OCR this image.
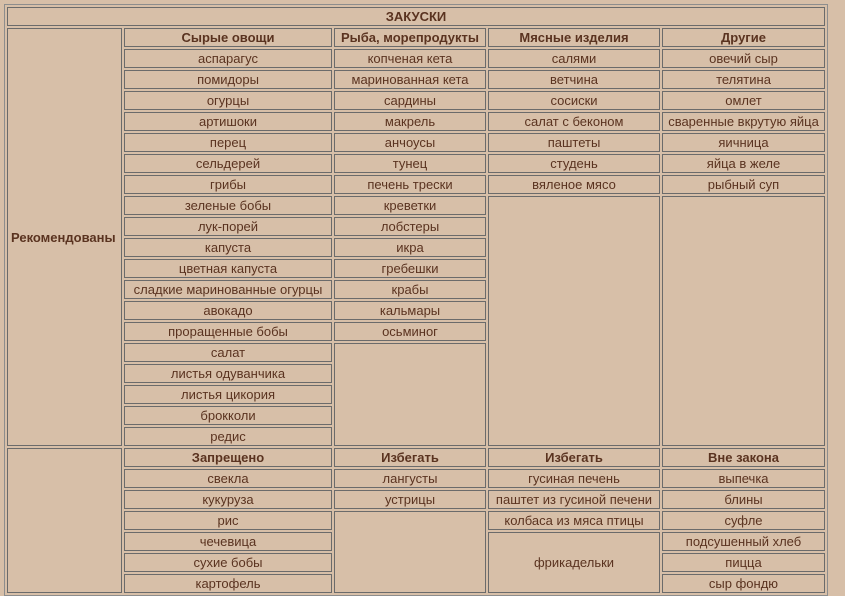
ЗАКУСКИ				
Рекомендованы	Сырые овощи	Рыба, морепродукты	Мясные изделия	Другие
	аспарагус	копченая кета	салями	овечий сыр
	помидоры	маринованная кета	ветчина	телятина
	огурцы	сардины	сосиски	омлет
	артишоки	макрель	салат с беконом	сваренные вкрутую яйца
	перец	анчоусы	паштеты	яичница
	сельдерей	тунец	студень	яйца в желе
	грибы	печень трески	вяленое мясо	рыбный суп
	зеленые бобы	креветки		
	лук-порей	лобстеры		
	капуста	икра		
	цветная капуста	гребешки		
	сладкие маринованные огурцы	крабы		
	авокадо	кальмары		
	проращенные бобы	осьминог		
	салат			
	листья одуванчика			
	листья цикория			
	брокколи			
	редис			
	Запрещено	Избегать	Избегать	Вне закона
	свекла	лангусты	гусиная печень	выпечка
	кукуруза	устрицы	паштет из гусиной печени	блины
	рис		колбаса из мяса птицы	суфле
	чечевица		фрикадельки	подсушенный хлеб
	сухие бобы			пицца
	картофель			сыр фондю
